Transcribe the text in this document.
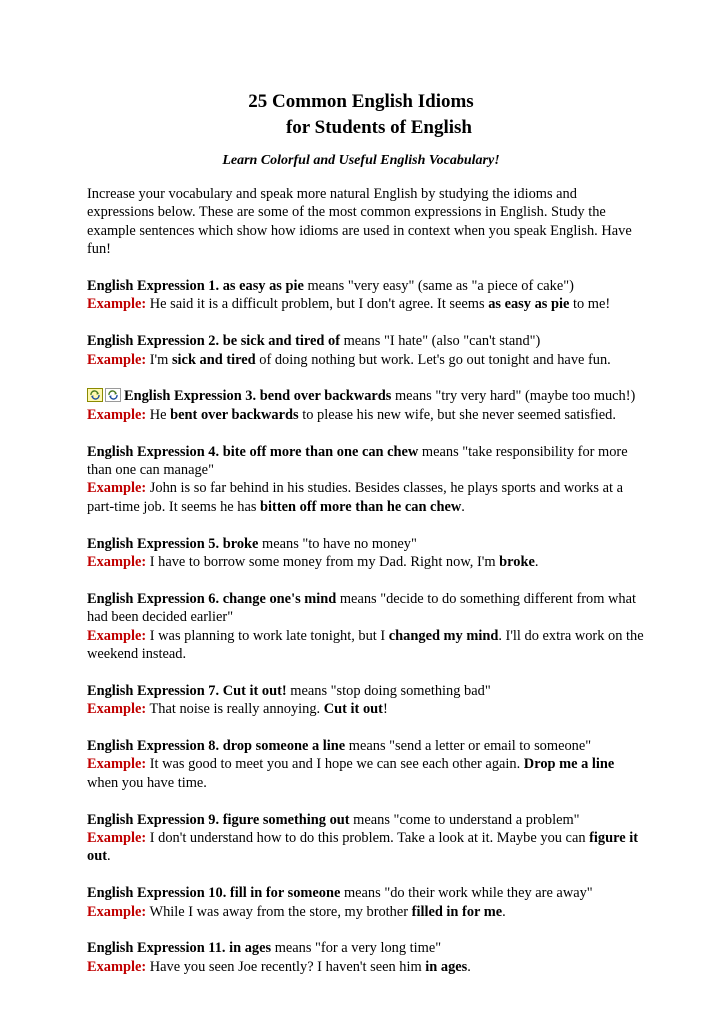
25 Common English Idioms
for Students of English
Learn Colorful and Useful English Vocabulary!

Increase your vocabulary and speak more natural English by studying the idioms and expressions below. These are some of the most common expressions in English. Study the example sentences which show how idioms are used in context when you speak English. Have fun!

English Expression 1. as easy as pie means "very easy" (same as "a piece of cake")
Example: He said it is a difficult problem, but I don't agree. It seems as easy as pie to me!

English Expression 2. be sick and tired of means "I hate" (also "can't stand")
Example: I'm sick and tired of doing nothing but work. Let's go out tonight and have fun.

English Expression 3. bend over backwards means "try very hard" (maybe too much!)
Example: He bent over backwards to please his new wife, but she never seemed satisfied.

English Expression 4. bite off more than one can chew means "take responsibility for more than one can manage"
Example: John is so far behind in his studies. Besides classes, he plays sports and works at a part-time job. It seems he has bitten off more than he can chew.

English Expression 5. broke means "to have no money"
Example: I have to borrow some money from my Dad. Right now, I'm broke.

English Expression 6. change one's mind means "decide to do something different from what had been decided earlier"
Example: I was planning to work late tonight, but I changed my mind. I'll do extra work on the weekend instead.

English Expression 7. Cut it out! means "stop doing something bad"
Example: That noise is really annoying. Cut it out!

English Expression 8. drop someone a line means "send a letter or email to someone"
Example: It was good to meet you and I hope we can see each other again. Drop me a line when you have time.

English Expression 9. figure something out means "come to understand a problem"
Example: I don't understand how to do this problem. Take a look at it. Maybe you can figure it out.

English Expression 10. fill in for someone means "do their work while they are away"
Example: While I was away from the store, my brother filled in for me.

English Expression 11. in ages means "for a very long time"
Example: Have you seen Joe recently? I haven't seen him in ages.
